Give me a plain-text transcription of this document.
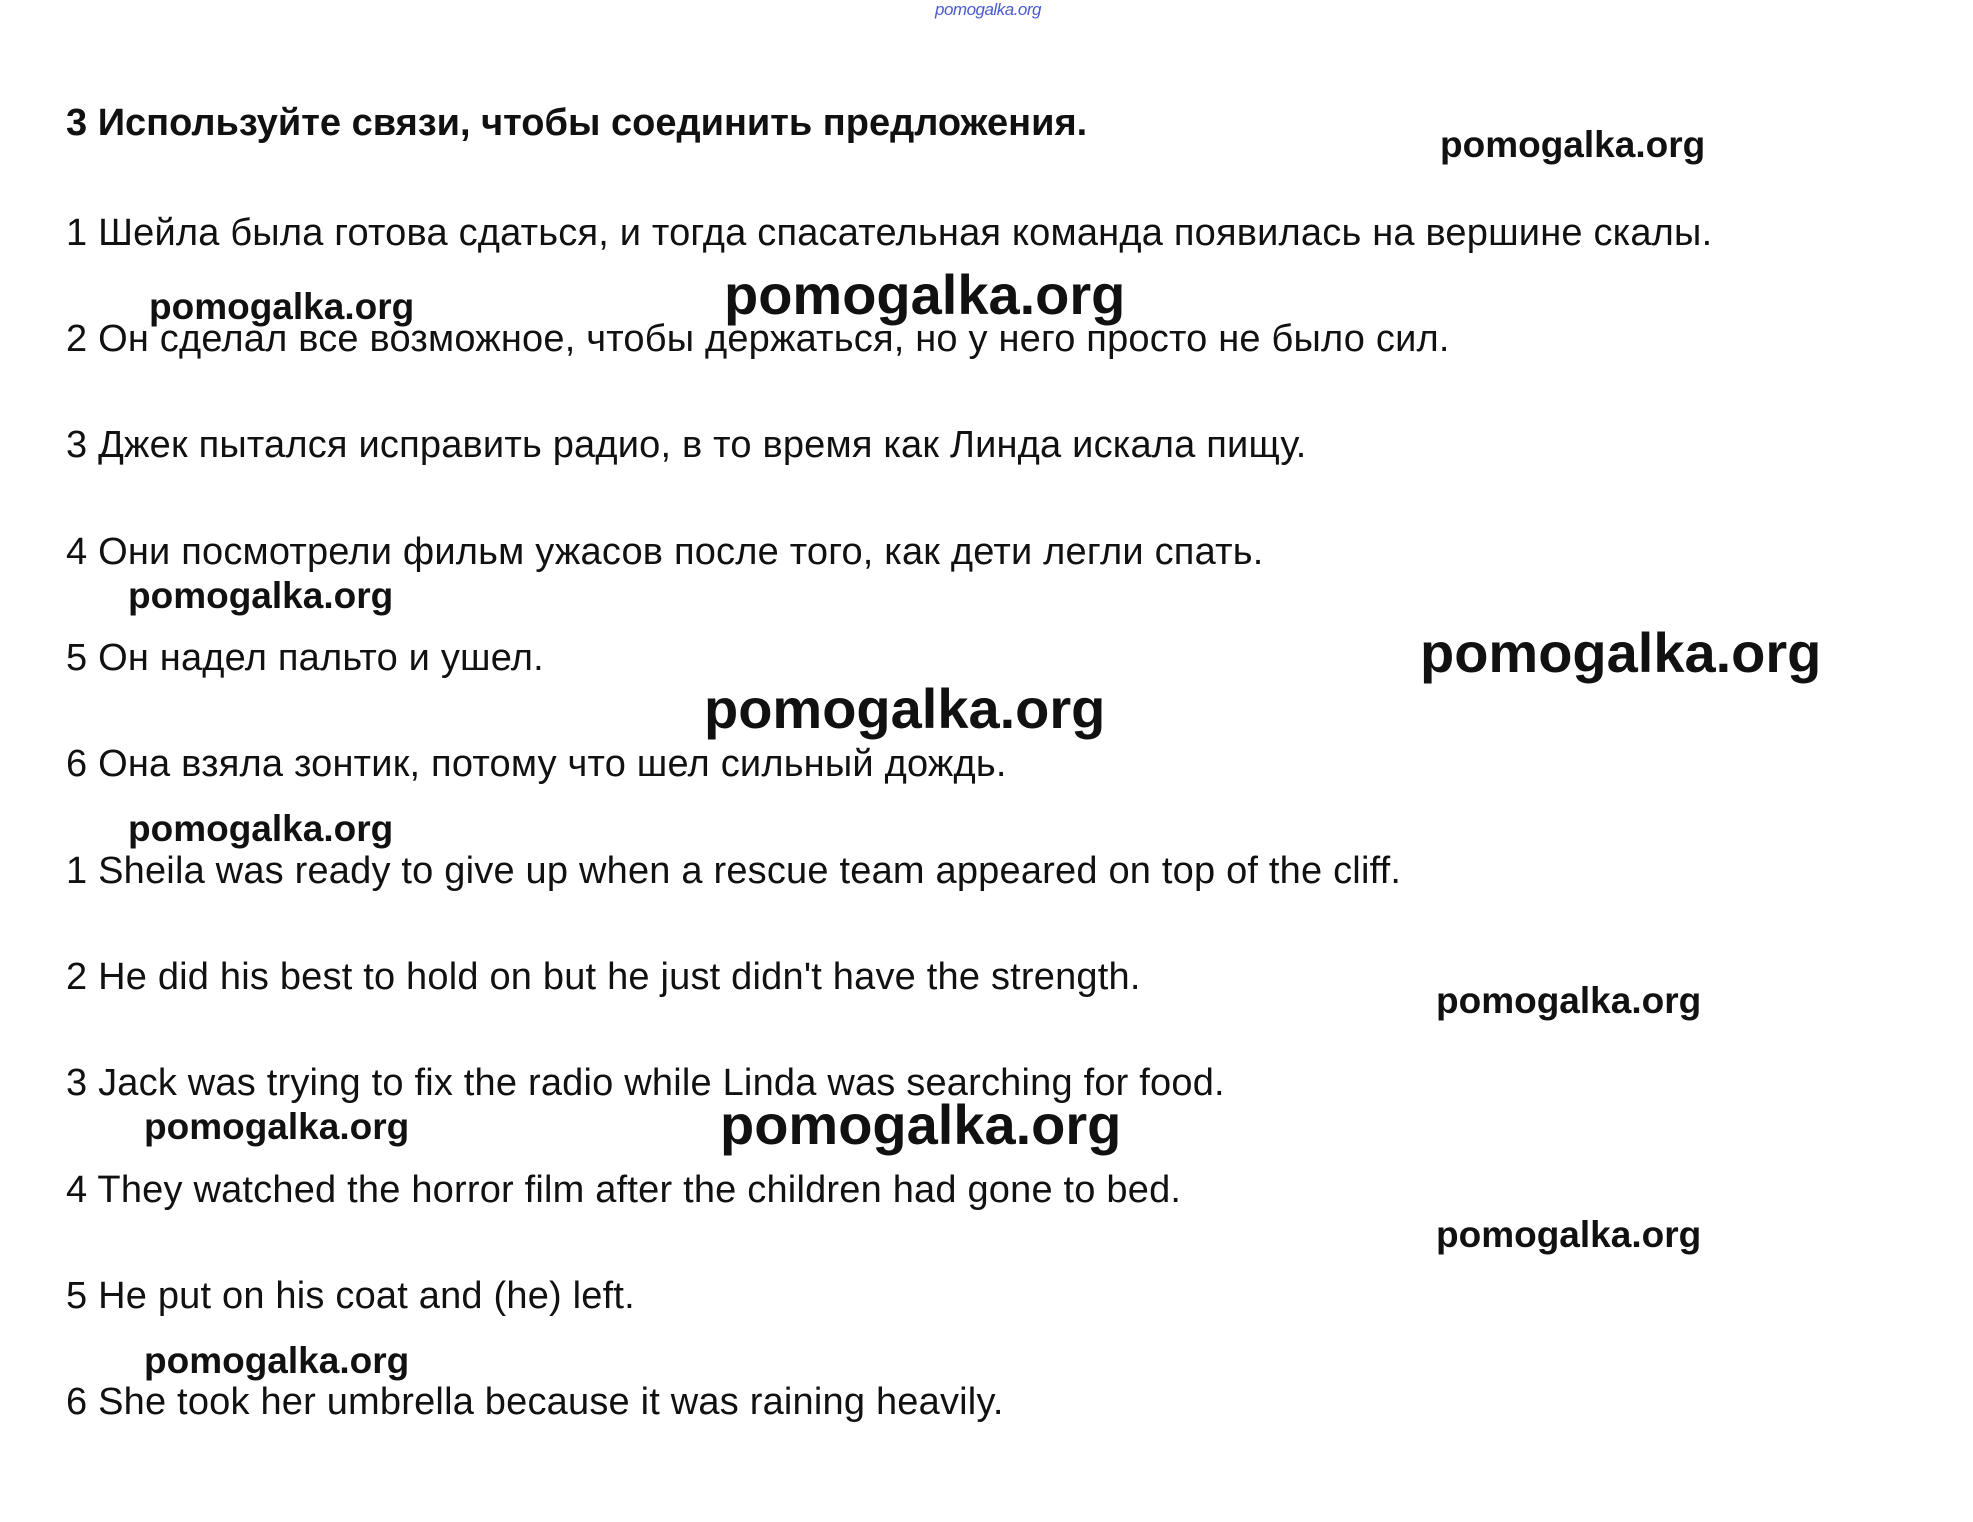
pomogalka.org
3 Используйте связи, чтобы соединить предложения.
1 Шейла была готова сдаться, и тогда спасательная команда появилась на вершине скалы.
2 Он сделал все возможное, чтобы держаться, но у него просто не было сил.
3 Джек пытался исправить радио, в то время как Линда искала пищу.
4 Они посмотрели фильм ужасов после того, как дети легли спать.
5 Он надел пальто и ушел.
6 Она взяла зонтик, потому что шел сильный дождь.
1 Sheila was ready to give up when a rescue team appeared on top of the cliff.
2 He did his best to hold on but he just didn't have the strength.
3 Jack was trying to fix the radio while Linda was searching for food.
4 They watched the horror film after the children had gone to bed.
5 He put on his coat and (he) left.
6 She took her umbrella because it was raining heavily.
pomogalka.org
pomogalka.org	pomogalka.org
pomogalka.org
pomogalka.org
pomogalka.org
pomogalka.org
pomogalka.org
pomogalka.org	pomogalka.org
pomogalka.org
pomogalka.org
